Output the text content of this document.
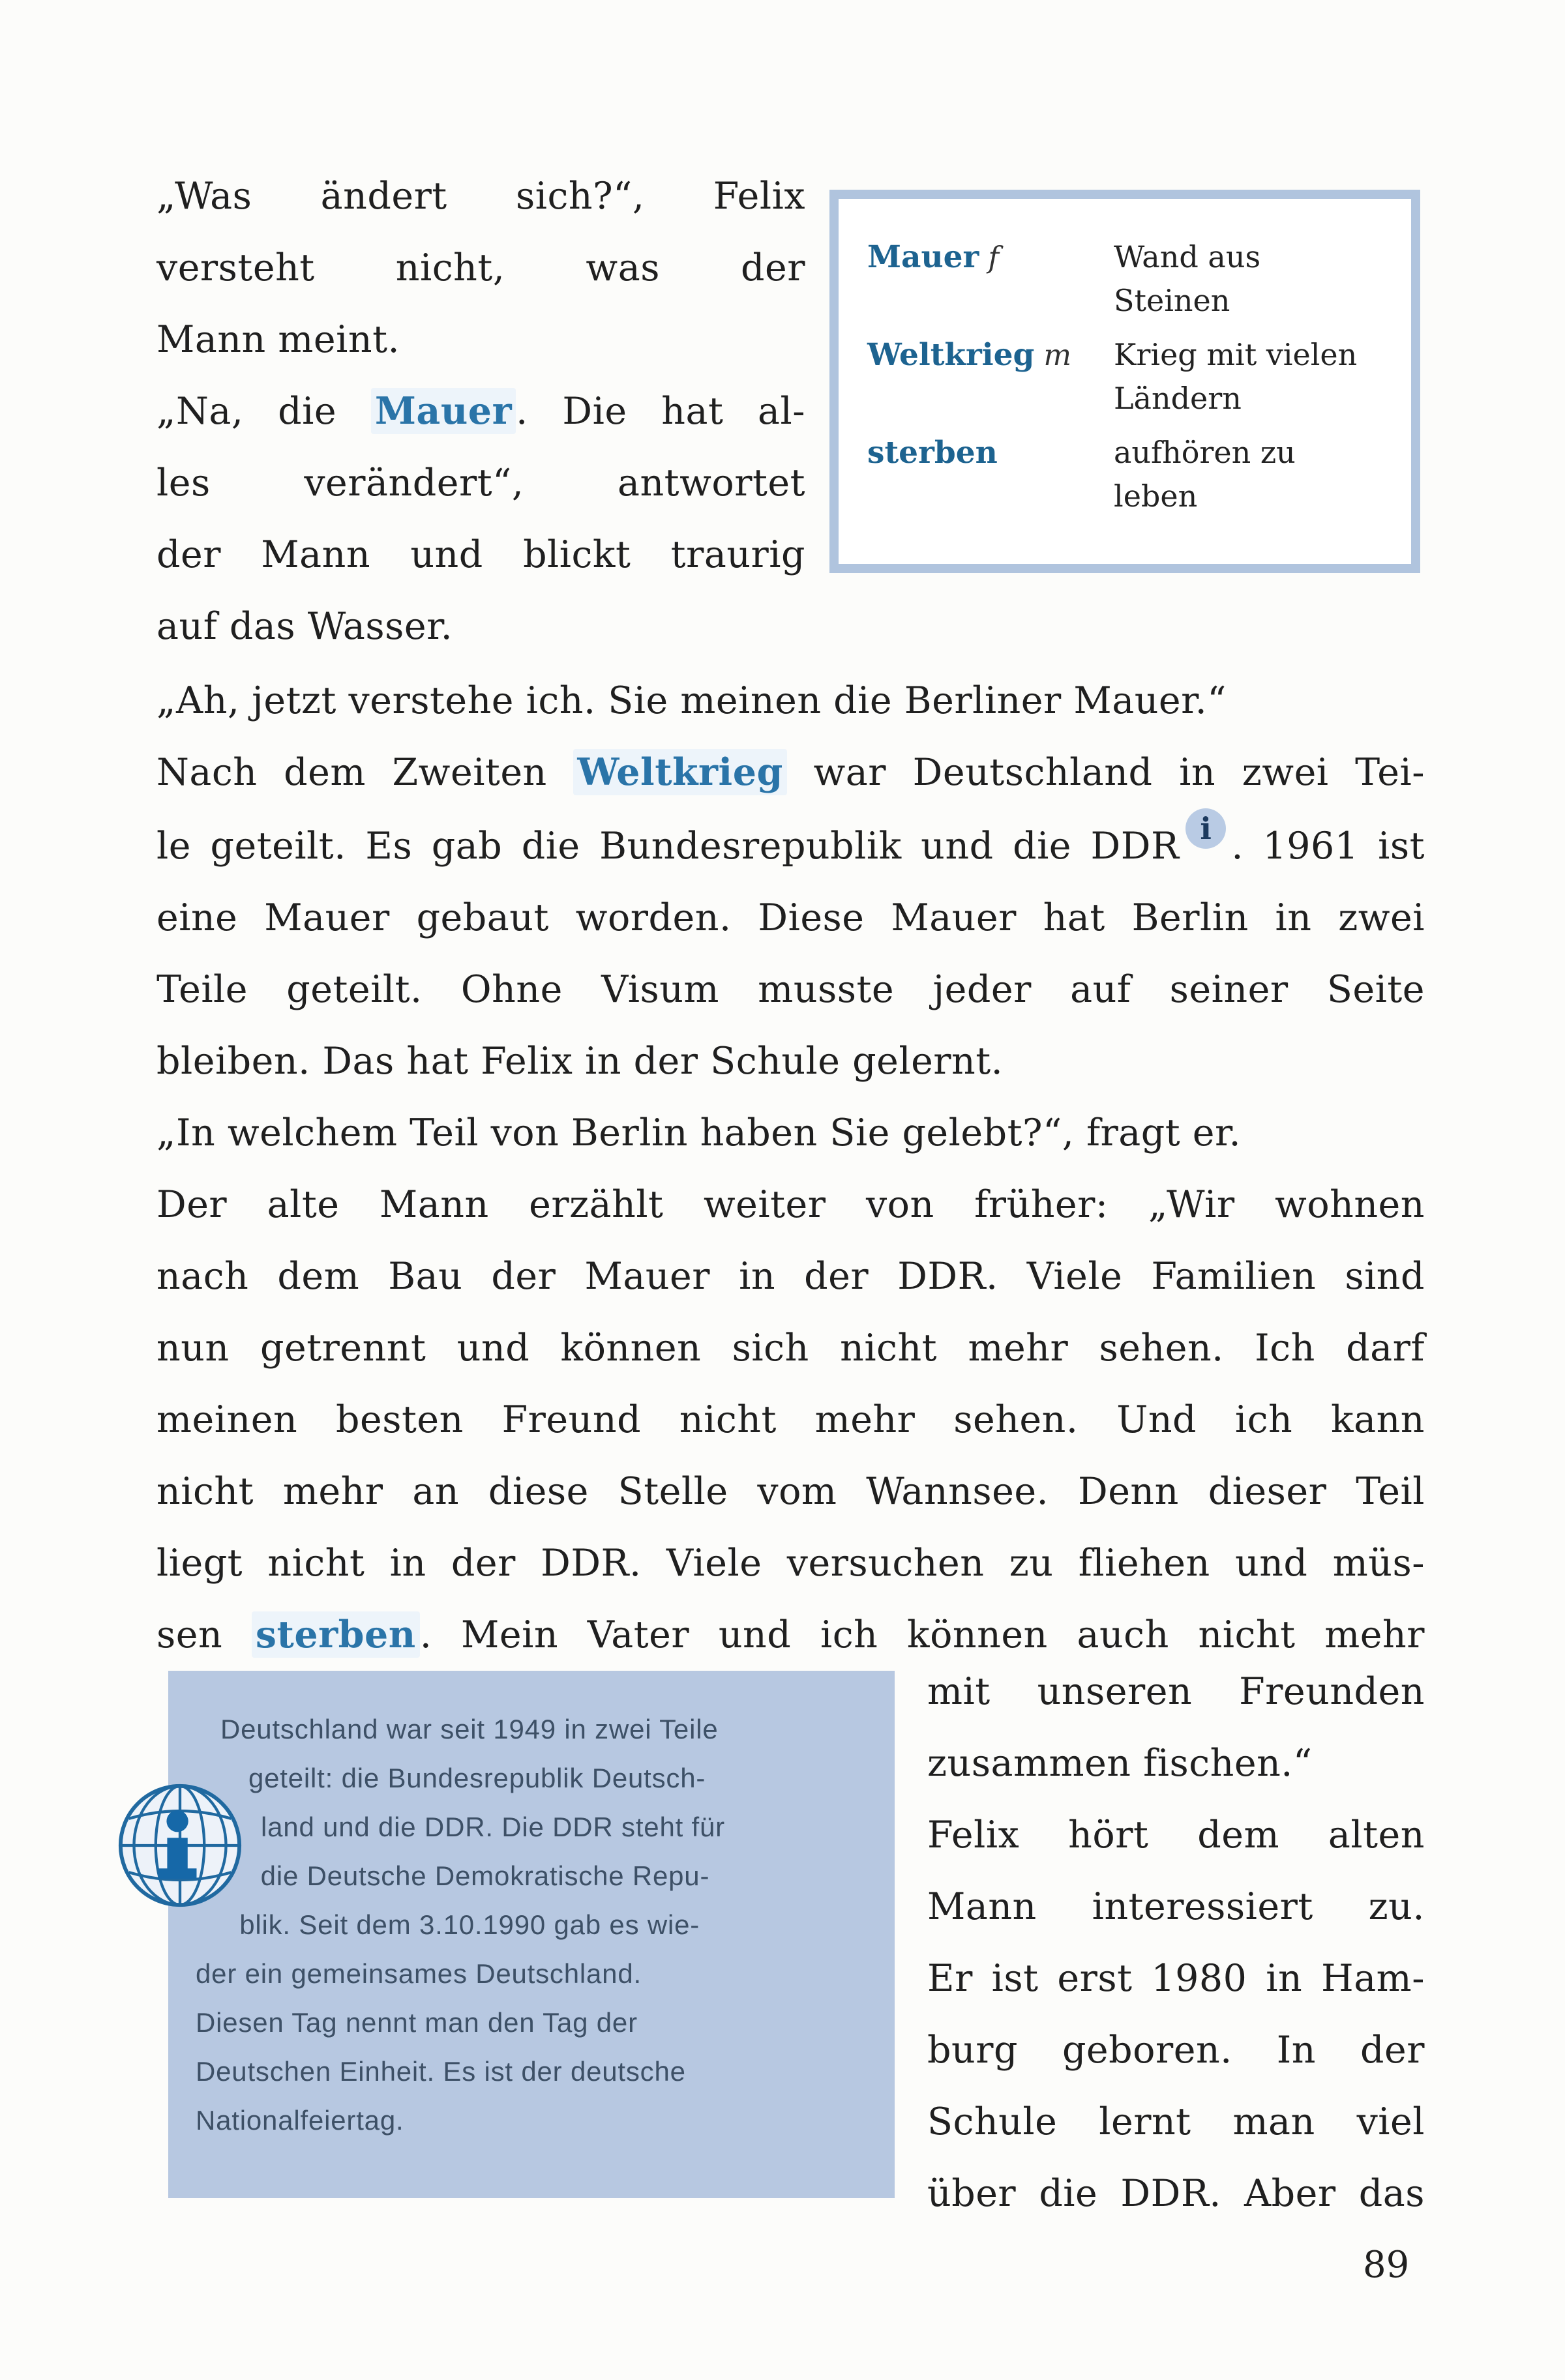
„Was ändert sich?“, Felix
versteht nicht, was der
Mann meint.
„Na, die Mauer . Die hat al-
les verändert“, antwortet
der Mann und blickt traurig
auf das Wasser.
Mauer f	Wand aus
Steinen
Weltkrieg m	Krieg mit vielen
Ländern
sterben	aufhören zu
leben
„Ah, jetzt verstehe ich. Sie meinen die Berliner Mauer.“
Nach dem Zweiten Weltkrieg war Deutschland in zwei Tei-
le geteilt. Es gab die Bundesrepublik und die DDR i . 1961 ist
eine Mauer gebaut worden. Diese Mauer hat Berlin in zwei
Teile geteilt. Ohne Visum musste jeder auf seiner Seite
bleiben. Das hat Felix in der Schule gelernt.
„In welchem Teil von Berlin haben Sie gelebt?“, fragt er.
Der alte Mann erzählt weiter von früher: „Wir wohnen
nach dem Bau der Mauer in der DDR. Viele Familien sind
nun getrennt und können sich nicht mehr sehen. Ich darf
meinen besten Freund nicht mehr sehen. Und ich kann
nicht mehr an diese Stelle vom Wannsee. Denn dieser Teil
liegt nicht in der DDR. Viele versuchen zu fliehen und müs-
sen sterben . Mein Vater und ich können auch nicht mehr
Deutschland war seit 1949 in zwei Teile
geteilt: die Bundesrepublik Deutsch-
land und die DDR. Die DDR steht für
die Deutsche Demokratische Repu-
blik. Seit dem 3.10.1990 gab es wie-
der ein gemeinsames Deutschland.
Diesen Tag nennt man den Tag der
Deutschen Einheit. Es ist der deutsche
Nationalfeiertag.
mit unseren Freunden
zusammen fischen.“
Felix hört dem alten
Mann interessiert zu.
Er ist erst 1980 in Ham-
burg geboren. In der
Schule lernt man viel
über die DDR. Aber das
89
